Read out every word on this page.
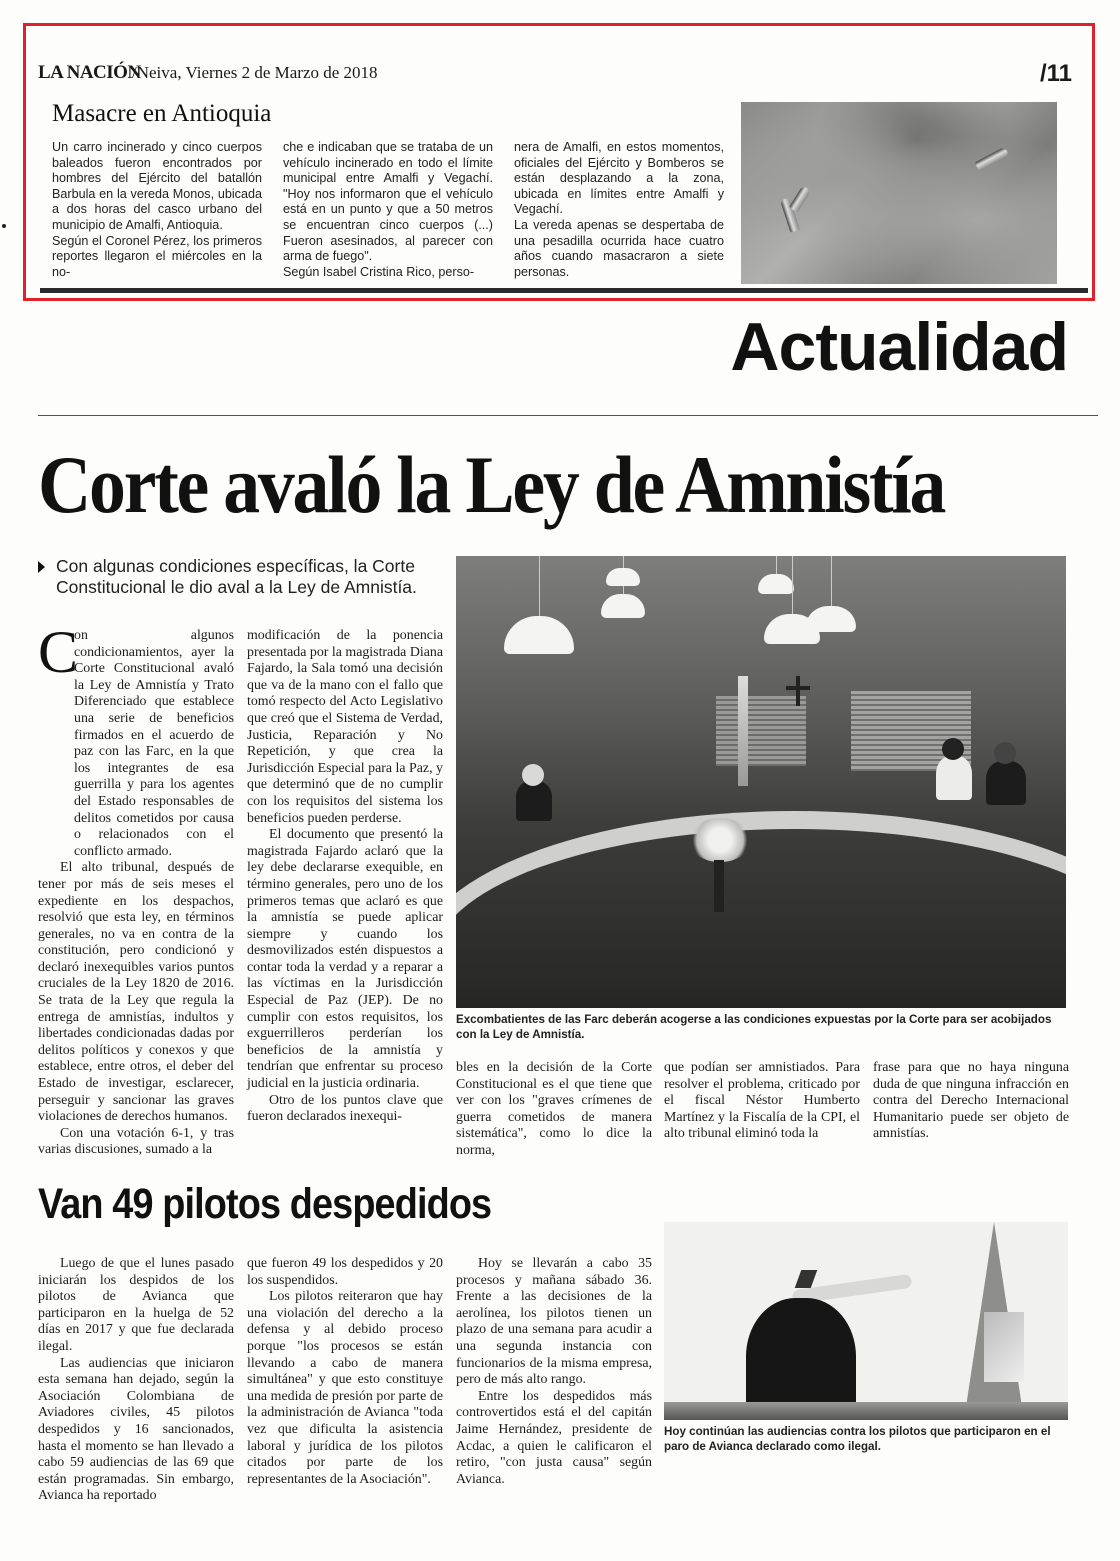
LA NACIÓN
/Neiva, Viernes 2 de Marzo de 2018	/11
Masacre en Antioquia

Un carro incinerado y cinco cuerpos baleados fueron encontrados por hombres del Ejército del batallón Barbula en la vereda Monos, ubicada a dos horas del casco urbano del municipio de Amalfi, Antioquia.

Según el Coronel Pérez, los primeros reportes llegaron el miércoles en la no-

che e indicaban que se trataba de un vehículo incinerado en todo el límite municipal entre Amalfi y Vegachí. "Hoy nos informaron que el vehículo está en un punto y que a 50 metros se encuentran cinco cuerpos (...) Fueron asesinados, al parecer con arma de fuego".

Según Isabel Cristina Rico, perso-

nera de Amalfi, en estos momentos, oficiales del Ejército y Bomberos se están desplazando a la zona, ubicada en límites entre Amalfi y Vegachí.

La vereda apenas se despertaba de una pesadilla ocurrida hace cuatro años cuando masacraron a siete personas.

Actualidad
Corte avaló la Ley de Amnistía
Con algunas condiciones específicas, la Corte Constitucional le dio aval a la Ley de Amnistía.
C

on algunos condicionamientos, ayer la Corte Constitucional avaló la Ley de Amnistía y Trato Diferenciado que establece una serie de beneficios firmados en el acuerdo de paz con las Farc, en la que los integrantes de esa guerrilla y para los agentes del Estado responsables de delitos cometidos por causa o relacionados con el conflicto armado.

El alto tribunal, después de tener por más de seis meses el expediente en los despachos, resolvió que esta ley, en términos generales, no va en contra de la constitución, pero condicionó y declaró inexequibles varios puntos cruciales de la Ley 1820 de 2016. Se trata de la Ley que regula la entrega de amnistías, indultos y libertades condicionadas dadas por delitos políticos y conexos y que establece, entre otros, el deber del Estado de investigar, esclarecer, perseguir y sancionar las graves violaciones de derechos humanos.

Con una votación 6-1, y tras varias discusiones, sumado a la

modificación de la ponencia presentada por la magistrada Diana Fajardo, la Sala tomó una decisión que va de la mano con el fallo que tomó respecto del Acto Legislativo que creó que el Sistema de Verdad, Justicia, Reparación y No Repetición, y que crea la Jurisdicción Especial para la Paz, y que determinó que de no cumplir con los requisitos del sistema los beneficios pueden perderse.

El documento que presentó la magistrada Fajardo aclaró que la ley debe declararse exequible, en término generales, pero uno de los primeros temas que aclaró es que la amnistía se puede aplicar siempre y cuando los desmovilizados estén dispuestos a contar toda la verdad y a reparar a las víctimas en la Jurisdicción Especial de Paz (JEP). De no cumplir con estos requisitos, los exguerrilleros perderían los beneficios de la amnistía y tendrían que enfrentar su proceso judicial en la justicia ordinaria.

Otro de los puntos clave que fueron declarados inexequi-

Excombatientes de las Farc deberán acogerse a las condiciones expuestas por la Corte para ser acobijados con la Ley de Amnistía.

bles en la decisión de la Corte Constitucional es el que tiene que ver con los "graves crímenes de guerra cometidos de manera sistemática", como lo dice la norma,

que podían ser amnistiados. Para resolver el problema, criticado por el fiscal Néstor Humberto Martínez y la Fiscalía de la CPI, el alto tribunal eliminó toda la

frase para que no haya ninguna duda de que ninguna infracción en contra del Derecho Internacional Humanitario puede ser objeto de amnistías.

Van 49 pilotos despedidos

Luego de que el lunes pasado iniciarán los despidos de los pilotos de Avianca que participaron en la huelga de 52 días en 2017 y que fue declarada ilegal.

Las audiencias que iniciaron esta semana han dejado, según la Asociación Colombiana de Aviadores civiles, 45 pilotos despedidos y 16 sancionados, hasta el momento se han llevado a cabo 59 audiencias de las 69 que están programadas. Sin embargo, Avianca ha reportado

que fueron 49 los despedidos y 20 los suspendidos.

Los pilotos reiteraron que hay una violación del derecho a la defensa y al debido proceso porque "los procesos se están llevando a cabo de manera simultánea" y que esto constituye una medida de presión por parte de la administración de Avianca "toda vez que dificulta la asistencia laboral y jurídica de los pilotos citados por parte de los representantes de la Asociación".

Hoy se llevarán a cabo 35 procesos y mañana sábado 36. Frente a las decisiones de la aerolínea, los pilotos tienen un plazo de una semana para acudir a una segunda instancia con funcionarios de la misma empresa, pero de más alto rango.

Entre los despedidos más controvertidos está el del capitán Jaime Hernández, presidente de Acdac, a quien le calificaron el retiro, "con justa causa" según Avianca.

Hoy continúan las audiencias contra los pilotos que participaron en el paro de Avianca declarado como ilegal.
